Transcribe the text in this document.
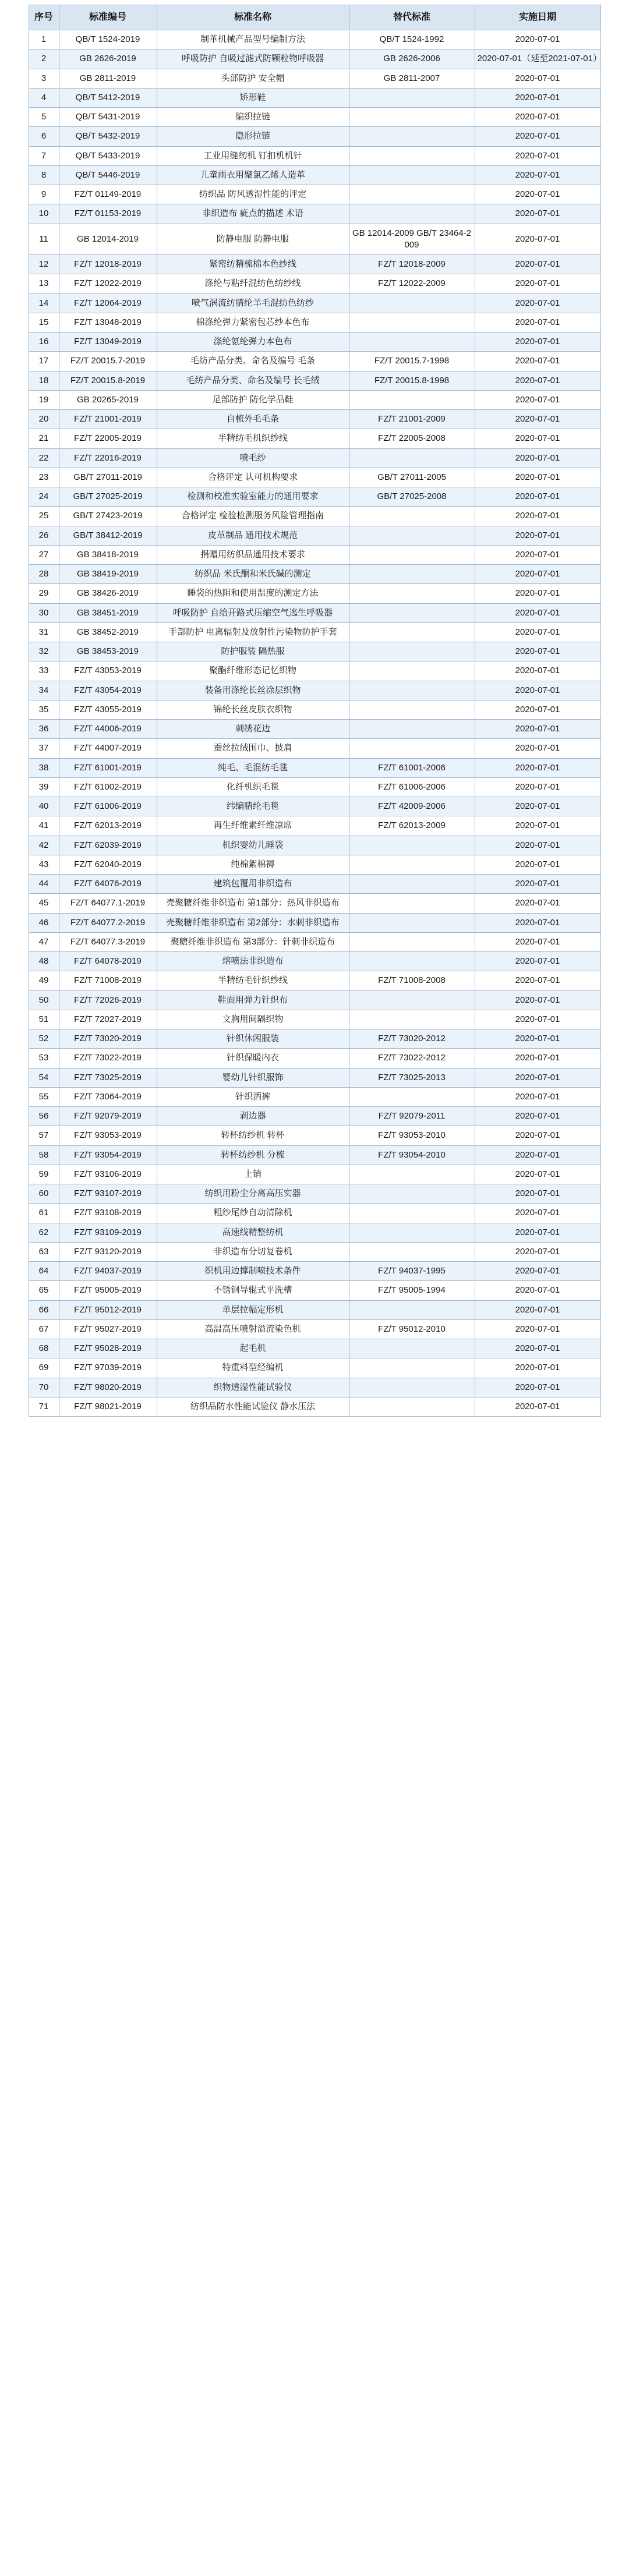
序号	标准编号	标准名称	替代标准	实施日期
1	QB/T 1524-2019	制革机械产品型号编制方法	QB/T 1524-1992	2020-07-01
2	GB 2626-2019	呼吸防护 自吸过滤式防颗粒物呼吸器	GB 2626-2006	2020-07-01（延至2021-07-01）
3	GB 2811-2019	头部防护 安全帽	GB 2811-2007	2020-07-01
4	QB/T 5412-2019	矫形鞋		2020-07-01
5	QB/T 5431-2019	编织拉链		2020-07-01
6	QB/T 5432-2019	隐形拉链		2020-07-01
7	QB/T 5433-2019	工业用缝纫机 钉扣机机针		2020-07-01
8	QB/T 5446-2019	儿童雨衣用聚氯乙烯人造革		2020-07-01
9	FZ/T 01149-2019	纺织品 防风透湿性能的评定		2020-07-01
10	FZ/T 01153-2019	非织造布 疵点的描述 术语		2020-07-01
11	GB 12014-2019	防静电服 防静电服	GB 12014-2009 GB/T 23464-2009	2020-07-01
12	FZ/T 12018-2019	紧密纺精梳棉本色纱线	FZ/T 12018-2009	2020-07-01
13	FZ/T 12022-2019	涤纶与粘纤混纺色纺纱线	FZ/T 12022-2009	2020-07-01
14	FZ/T 12064-2019	喷气涡流纺腈纶羊毛混纺色纺纱		2020-07-01
15	FZ/T 13048-2019	棉涤纶弹力紧密包芯纱本色布		2020-07-01
16	FZ/T 13049-2019	涤纶氨纶弹力本色布		2020-07-01
17	FZ/T 20015.7-2019	毛纺产品分类、命名及编号 毛条	FZ/T 20015.7-1998	2020-07-01
18	FZ/T 20015.8-2019	毛纺产品分类、命名及编号 长毛绒	FZ/T 20015.8-1998	2020-07-01
19	GB 20265-2019	足部防护 防化学品鞋		2020-07-01
20	FZ/T 21001-2019	自梳外毛毛条	FZ/T 21001-2009	2020-07-01
21	FZ/T 22005-2019	半精纺毛机织纱线	FZ/T 22005-2008	2020-07-01
22	FZ/T 22016-2019	喷毛纱		2020-07-01
23	GB/T 27011-2019	合格评定 认可机构要求	GB/T 27011-2005	2020-07-01
24	GB/T 27025-2019	检测和校准实验室能力的通用要求	GB/T 27025-2008	2020-07-01
25	GB/T 27423-2019	合格评定 检验检测服务风险管理指南		2020-07-01
26	GB/T 38412-2019	皮革制品 通用技术规范		2020-07-01
27	GB 38418-2019	捐赠用纺织品通用技术要求		2020-07-01
28	GB 38419-2019	纺织品 米氏酮和米氏碱的测定		2020-07-01
29	GB 38426-2019	睡袋的热阻和使用温度的测定方法		2020-07-01
30	GB 38451-2019	呼吸防护 自给开路式压缩空气逃生呼吸器		2020-07-01
31	GB 38452-2019	手部防护 电离辐射及放射性污染物防护手套		2020-07-01
32	GB 38453-2019	防护服装 隔热服		2020-07-01
33	FZ/T 43053-2019	聚酯纤维形态记忆织物		2020-07-01
34	FZ/T 43054-2019	装备用涤纶长丝涂层织物		2020-07-01
35	FZ/T 43055-2019	锦纶长丝皮肤衣织物		2020-07-01
36	FZ/T 44006-2019	刺绣花边		2020-07-01
37	FZ/T 44007-2019	蚕丝拉绒围巾、披肩		2020-07-01
38	FZ/T 61001-2019	纯毛、毛混纺毛毯	FZ/T 61001-2006	2020-07-01
39	FZ/T 61002-2019	化纤机织毛毯	FZ/T 61006-2006	2020-07-01
40	FZ/T 61006-2019	纬编腈纶毛毯	FZ/T 42009-2006	2020-07-01
41	FZ/T 62013-2019	再生纤维素纤维凉席	FZ/T 62013-2009	2020-07-01
42	FZ/T 62039-2019	机织婴幼儿睡袋		2020-07-01
43	FZ/T 62040-2019	纯棉絮棉褥		2020-07-01
44	FZ/T 64076-2019	建筑包覆用非织造布		2020-07-01
45	FZ/T 64077.1-2019	壳聚糖纤维非织造布 第1部分：热风非织造布		2020-07-01
46	FZ/T 64077.2-2019	壳聚糖纤维非织造布 第2部分：水刺非织造布		2020-07-01
47	FZ/T 64077.3-2019	聚糖纤维非织造布 第3部分：针刺非织造布		2020-07-01
48	FZ/T 64078-2019	熔喷法非织造布		2020-07-01
49	FZ/T 71008-2019	半精纺毛针织纱线	FZ/T 71008-2008	2020-07-01
50	FZ/T 72026-2019	鞋面用弹力针织布		2020-07-01
51	FZ/T 72027-2019	文胸用间隔织物		2020-07-01
52	FZ/T 73020-2019	针织休闲服装	FZ/T 73020-2012	2020-07-01
53	FZ/T 73022-2019	针织保暖内衣	FZ/T 73022-2012	2020-07-01
54	FZ/T 73025-2019	婴幼儿针织服饰	FZ/T 73025-2013	2020-07-01
55	FZ/T 73064-2019	针织酒裤		2020-07-01
56	FZ/T 92079-2019	剥边器	FZ/T 92079-2011	2020-07-01
57	FZ/T 93053-2019	转杯纺纱机 转杯	FZ/T 93053-2010	2020-07-01
58	FZ/T 93054-2019	转杯纺纱机 分梳	FZ/T 93054-2010	2020-07-01
59	FZ/T 93106-2019	上销		2020-07-01
60	FZ/T 93107-2019	纺织用粉尘分离高压实器		2020-07-01
61	FZ/T 93108-2019	粗纱尾纱自动清除机		2020-07-01
62	FZ/T 93109-2019	高速线精整纺机		2020-07-01
63	FZ/T 93120-2019	非织造布分切复卷机		2020-07-01
64	FZ/T 94037-2019	织机用边撑制喷技术条件	FZ/T 94037-1995	2020-07-01
65	FZ/T 95005-2019	不锈钢导辊式平洗槽	FZ/T 95005-1994	2020-07-01
66	FZ/T 95012-2019	单层拉幅定形机		2020-07-01
67	FZ/T 95027-2019	高温高压喷射溢流染色机	FZ/T 95012-2010	2020-07-01
68	FZ/T 95028-2019	起毛机		2020-07-01
69	FZ/T 97039-2019	特重料型经编机		2020-07-01
70	FZ/T 98020-2019	织物透湿性能试验仪		2020-07-01
71	FZ/T 98021-2019	纺织品防水性能试验仪 静水压法		2020-07-01
